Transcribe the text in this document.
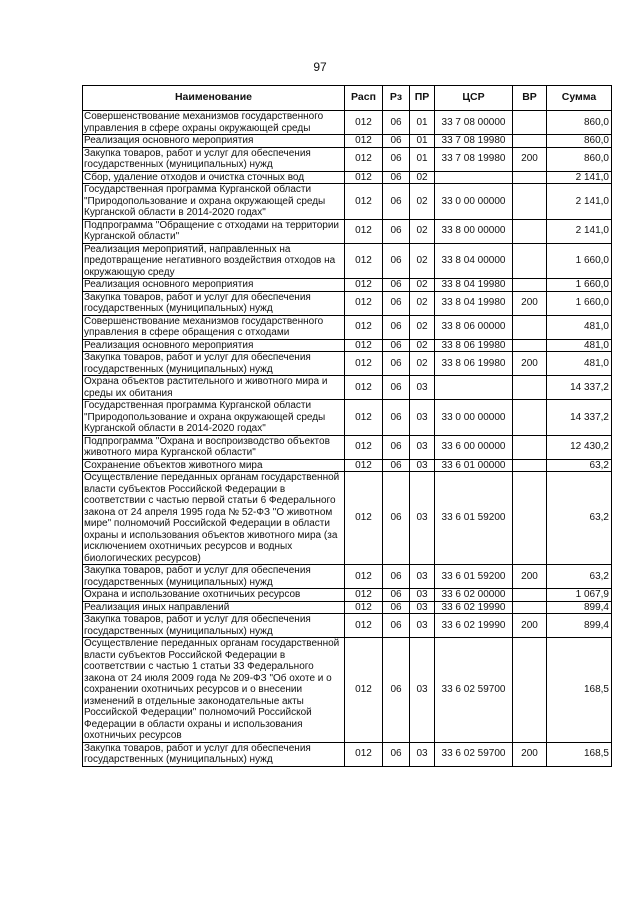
97
Наименование	Расп	Рз	ПР	ЦСР	ВР	Сумма
Совершенствование механизмов государственного управления в сфере охраны окружающей среды	012	06	01	33 7 08 00000		860,0
Реализация основного мероприятия	012	06	01	33 7 08 19980		860,0
Закупка товаров, работ и услуг для обеспечения государственных (муниципальных) нужд	012	06	01	33 7 08 19980	200	860,0
Сбор, удаление отходов и очистка сточных вод	012	06	02			2 141,0
Государственная программа Курганской области "Природопользование и охрана окружающей среды Курганской области в 2014-2020 годах"	012	06	02	33 0 00 00000		2 141,0
Подпрограмма "Обращение с отходами на территории Курганской области"	012	06	02	33 8 00 00000		2 141,0
Реализация мероприятий, направленных на предотвращение негативного воздействия отходов на окружающую среду	012	06	02	33 8 04 00000		1 660,0
Реализация основного мероприятия	012	06	02	33 8 04 19980		1 660,0
Закупка товаров, работ и услуг для обеспечения государственных (муниципальных) нужд	012	06	02	33 8 04 19980	200	1 660,0
Совершенствование механизмов государственного управления в сфере обращения с отходами	012	06	02	33 8 06 00000		481,0
Реализация основного мероприятия	012	06	02	33 8 06 19980		481,0
Закупка товаров, работ и услуг для обеспечения государственных (муниципальных) нужд	012	06	02	33 8 06 19980	200	481,0
Охрана объектов растительного и животного мира и среды их обитания	012	06	03			14 337,2
Государственная программа Курганской области "Природопользование и охрана окружающей среды Курганской области в 2014-2020 годах"	012	06	03	33 0 00 00000		14 337,2
Подпрограмма "Охрана и воспроизводство объектов животного мира Курганской области"	012	06	03	33 6 00 00000		12 430,2
Сохранение объектов животного мира	012	06	03	33 6 01 00000		63,2
Осуществление переданных органам государственной власти субъектов Российской Федерации в соответствии с частью первой статьи 6 Федерального закона от 24 апреля 1995 года № 52-ФЗ "О животном мире" полномочий Российской Федерации в области охраны и использования объектов животного мира (за исключением охотничьих ресурсов и водных биологических ресурсов)	012	06	03	33 6 01 59200		63,2
Закупка товаров, работ и услуг для обеспечения государственных (муниципальных) нужд	012	06	03	33 6 01 59200	200	63,2
Охрана и использование охотничьих ресурсов	012	06	03	33 6 02 00000		1 067,9
Реализация иных направлений	012	06	03	33 6 02 19990		899,4
Закупка товаров, работ и услуг для обеспечения государственных (муниципальных) нужд	012	06	03	33 6 02 19990	200	899,4
Осуществление переданных органам государственной власти субъектов Российской Федерации в соответствии с частью 1 статьи 33 Федерального закона от 24 июля 2009 года № 209-ФЗ "Об охоте и о сохранении охотничьих ресурсов и о внесении изменений в отдельные законодательные акты Российской Федерации" полномочий Российской Федерации в области охраны и использования охотничьих ресурсов	012	06	03	33 6 02 59700		168,5
Закупка товаров, работ и услуг для обеспечения государственных (муниципальных) нужд	012	06	03	33 6 02 59700	200	168,5
